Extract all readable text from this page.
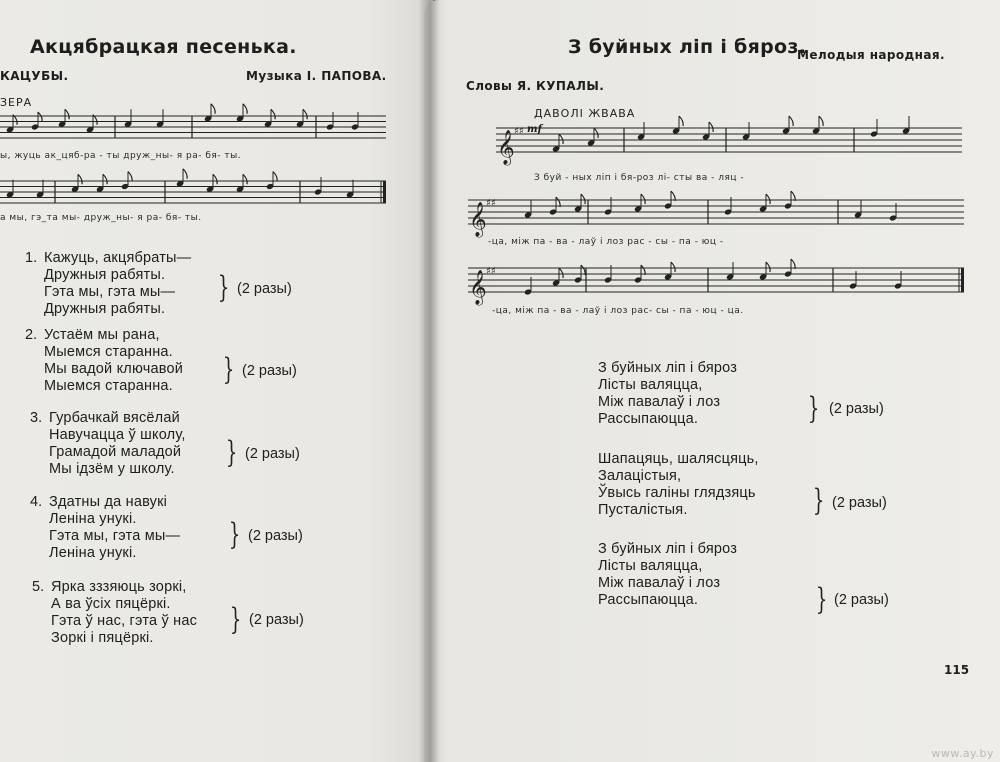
Акцябрацкая песенька.
КАЦУБЫ.	Музыка І. ПАПОВА.
ЗЕРА
ы, жуць ак_цяб-ра - ты друж_ны- я ра- бя- ты.
а мы, гэ_та мы- друж_ны- я ра- бя- ты.
1. Кажуць, акцябраты—
Дружныя рабяты.
Гэта мы, гэта мы—
Дружныя рабяты.
} (2 разы)
2. Устаём мы рана,
Мыемся старанна.
Мы вадой ключавой
Мыемся старанна.	} (2 разы)
3. Гурбачкай вясёлай
Навучацца ў школу,
Грамадой маладой
Мы ідзём у школу.	} (2 разы)
4. Здатны да навукі
Леніна унукі.
Гэта мы, гэта мы—
Леніна унукі.
} (2 разы)
5. Ярка зззяюць зоркі,
А ва ўсіх пяцёркі.
Гэта ў нас, гэта ў нас
Зоркі і пяцёркі.
} (2 разы)
З буйных ліп і бяроз.
Мелодыя народная.
Словы Я. КУПАЛЫ.
ДАВОЛІ ЖВАВА
mf
𝄞 ♯♯
З буй - ных ліп і бя-роз лі- сты ва - ляц -
𝄞 ♯♯
-ца, між па - ва - лаў і лоз рас - сы - па - юц -
𝄞 ♯♯
-ца, між па - ва - лаў і лоз рас- сы - па - юц - ца.
З буйных ліп і бяроз
Лісты валяцца,
Між павалаў і лоз
Рассыпаюцца.	} (2 разы)
Шапацяць, шалясцяць,
Залацістыя,
Ўвысь галіны глядзяць
Пусталістыя.	} (2 разы)
З буйных ліп і бяроз
Лісты валяцца,
Між павалаў і лоз
Рассыпаюцца.	} (2 разы)
115
www.ay.by
